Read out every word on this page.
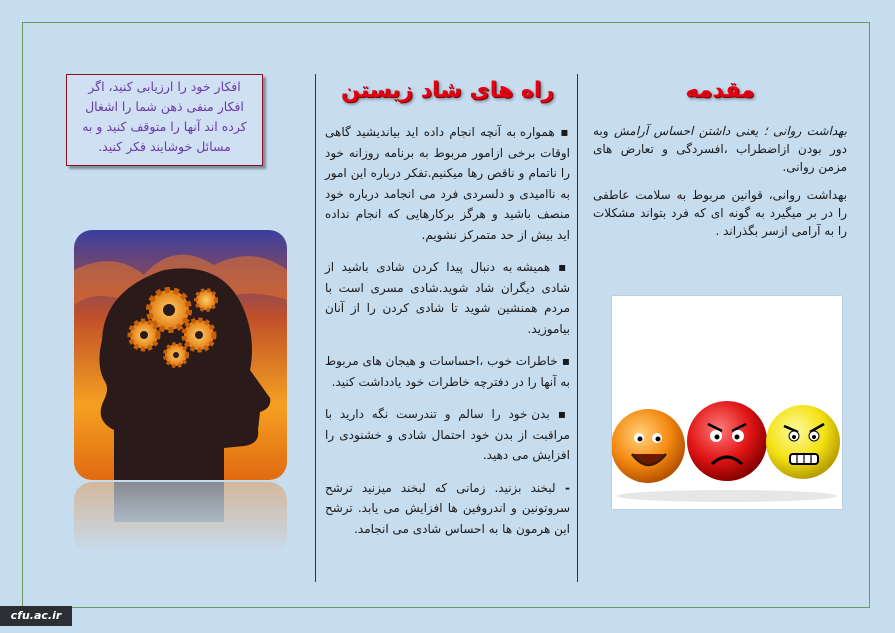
مقدمه

بهداشت روانی ؛ یعنی داشتن احساس آرامش وبه دور بودن ازاضطراب ،افسردگی و تعارض های مزمن روانی.

بهداشت روانی، قوانین مربوط به سلامت عاطفی را در بر میگیرد به گونه ای که فرد بتواند مشکلات را به آرامی ازسر بگذراند .

راه های شاد زیستن

▪ همواره به آنچه انجام داده اید بیاندیشید گاهی اوقات برخی ازامور مربوط به برنامه روزانه خود را ناتمام و ناقص رها میکنیم.تفکر درباره این امور به ناامیدی و دلسردی فرد می انجامد درباره خود منصف باشید و هرگز برکارهایی که انجام نداده اید بیش از حد متمرکز نشویم.

▪ همیشه به دنبال پیدا کردن شادی باشید از شادی دیگران شاد شوید.شادی مسری است با مردم همنشین شوید تا شادی کردن را از آنان بیاموزید.

▪ خاطرات خوب ،احساسات و هیجان های مربوط به آنها را در دفترچه خاطرات خود یادداشت کنید.

▪ بدن خود را سالم و تندرست نگه دارید با مراقبت از بدن خود احتمال شادی و خشنودی را افزایش می دهید.

- لبخند بزنید. زمانی که لبخند میزنید ترشح سروتونین و اندروفین ها افزایش می یابد. ترشح این هرمون ها به احساس شادی می انجامد.

افکار خود را ارزیابی کنید، اگر افکار منفی ذهن شما را اشغال کرده اند آنها را متوقف کنید و به مسائل خوشایند فکر کنید.
cfu.ac.ir
